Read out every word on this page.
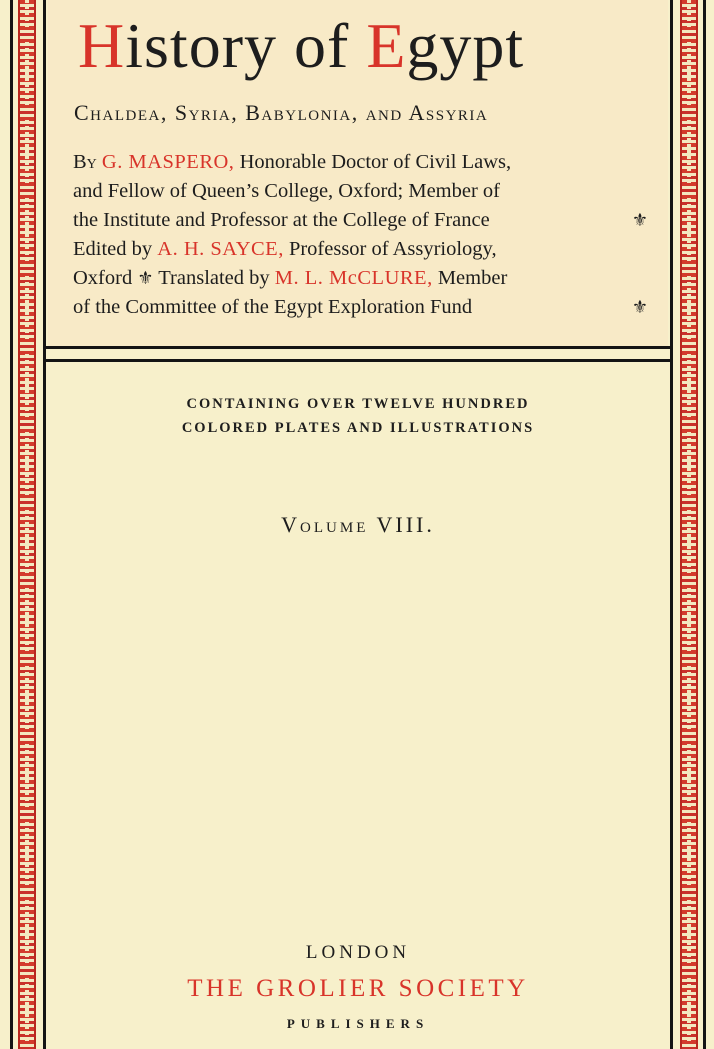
History of Egypt
Chaldea, Syria, Babylonia, and Assyria
By G. MASPERO, Honorable Doctor of Civil Laws,
and Fellow of Queen’s College, Oxford; Member of
the Institute and Professor at the College of France	⚜
Edited by A. H. SAYCE, Professor of Assyriology,
Oxford ⚜ Translated by M. L. McCLURE, Member
of the Committee of the Egypt Exploration Fund	⚜
CONTAINING OVER TWELVE HUNDRED
COLORED PLATES AND ILLUSTRATIONS
Volume VIII.
LONDON
THE GROLIER SOCIETY
PUBLISHERS
